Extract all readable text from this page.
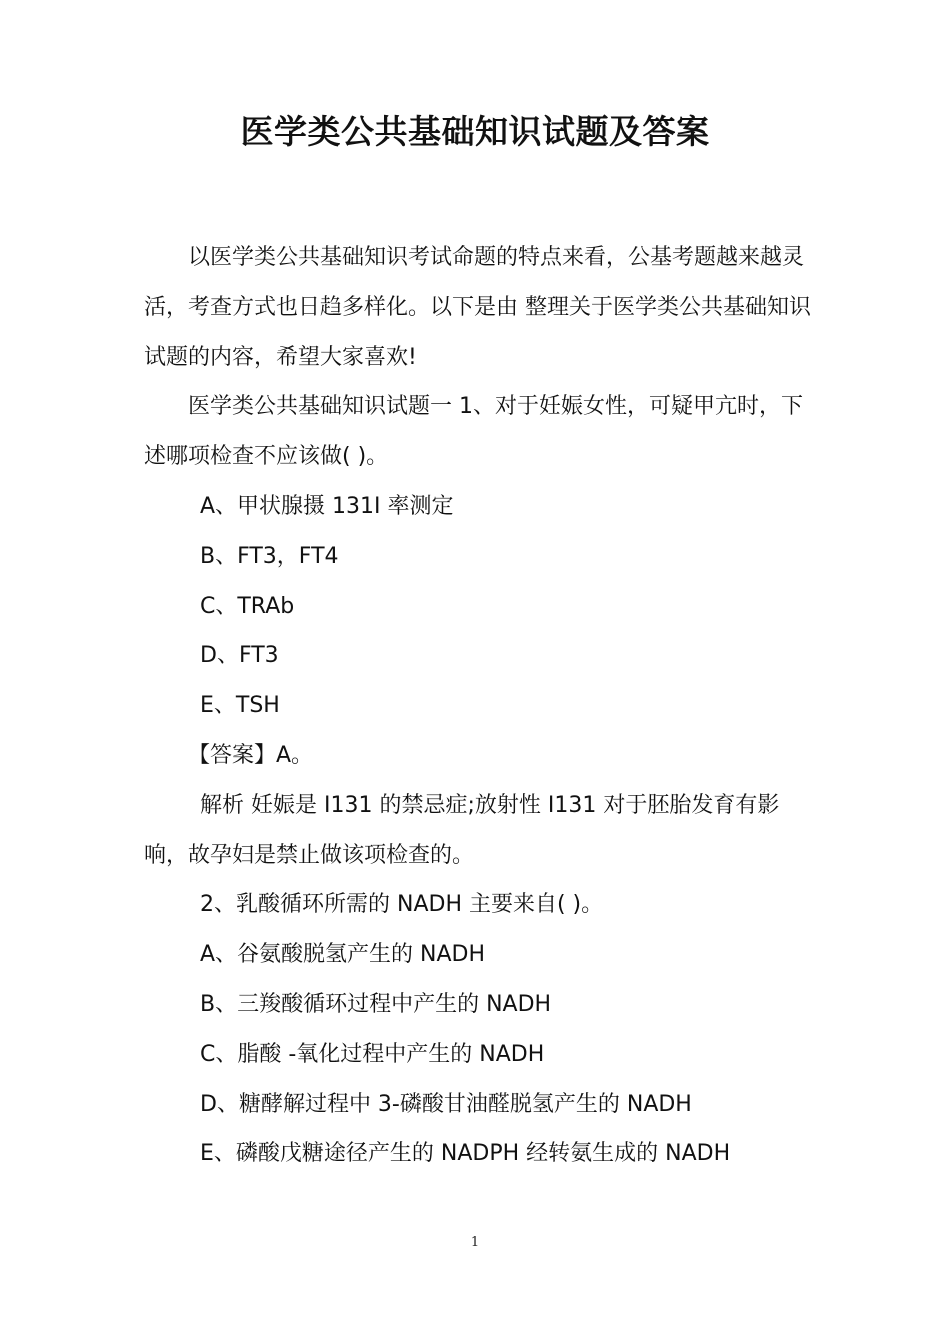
医学类公共基础知识试题及答案

以医学类公共基础知识考试命题的特点来看，公基考题越来越灵活，考查方式也日趋多样化。以下是由 整理关于医学类公共基础知识试题的内容，希望大家喜欢!

医学类公共基础知识试题一 1、对于妊娠女性，可疑甲亢时，下述哪项检查不应该做( )。

A、甲状腺摄 131I 率测定
B、FT3，FT4
C、TRAb
D、FT3
E、TSH
【答案】A。

解析 妊娠是 I131 的禁忌症;放射性 I131 对于胚胎发育有影响，故孕妇是禁止做该项检查的。

2、乳酸循环所需的 NADH 主要来自( )。
A、谷氨酸脱氢产生的 NADH
B、三羧酸循环过程中产生的 NADH
C、脂酸 -氧化过程中产生的 NADH
D、糖酵解过程中 3-磷酸甘油醛脱氢产生的 NADH
E、磷酸戊糖途径产生的 NADPH 经转氨生成的 NADH
1
